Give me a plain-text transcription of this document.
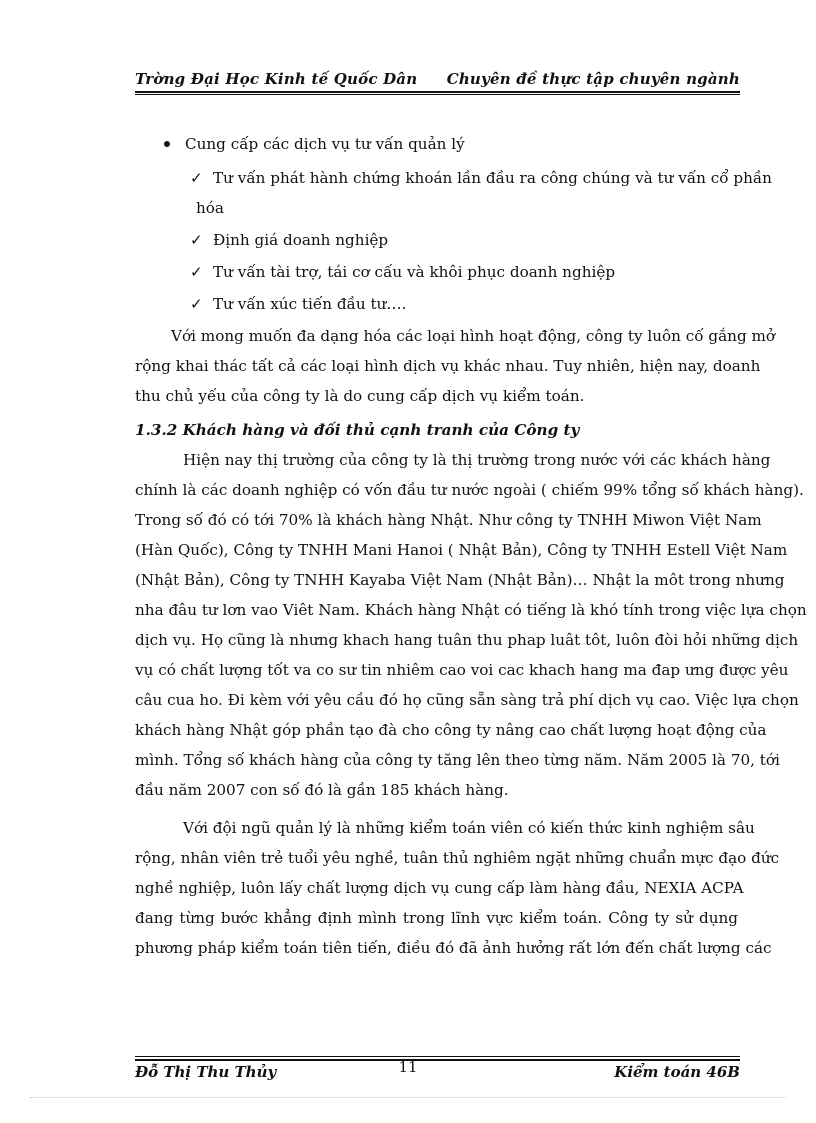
Trờng Đại Học Kinh tế Quốc Dân Chuyên đề thực tập chuyên ngành
Cung cấp các dịch vụ tư vấn quản lý
✓ Tư vấn phát hành chứng khoán lần đầu ra công chúng và tư vấn cổ phần
hóa
✓ Định giá doanh nghiệp
✓ Tư vấn tài trợ, tái cơ cấu và khôi phục doanh nghiệp
✓ Tư vấn xúc tiến đầu tư….
Với mong muốn đa dạng hóa các loại hình hoạt động, công ty luôn cố gắng mở
rộng khai thác tất cả các loại hình dịch vụ khác nhau. Tuy nhiên, hiện nay, doanh
thu chủ yếu của công ty là do cung cấp dịch vụ kiểm toán.
1.3.2 Khách hàng và đối thủ cạnh tranh của Công ty
Hiện nay thị trường của công ty là thị trường trong nước với các khách hàng
chính là các doanh nghiệp có vốn đầu tư nước ngoài ( chiếm 99% tổng số khách hàng).
Trong số đó có tới 70% là khách hàng Nhật. Như công ty TNHH Miwon Việt Nam
(Hàn Quốc), Công ty TNHH Mani Hanoi ( Nhật Bản), Công ty TNHH Estell Việt Nam
(Nhật Bản), Công ty TNHH Kayaba Việt Nam (Nhật Bản)… Nhật la môt trong nhưng
nha đâu tư lơn vao Viêt Nam. Khách hàng Nhật có tiếng là khó tính trong việc lựa chọn
dịch vụ. Họ cũng là nhưng khach hang tuân thu phap luât tôt, luôn đòi hỏi những dịch
vụ có chất lượng tốt va co sư tin nhiêm cao voi cac khach hang ma đap ưng được yêu
câu cua ho. Đi kèm với yêu cầu đó họ cũng sẵn sàng trả phí dịch vụ cao. Việc lựa chọn
khách hàng Nhật góp phần tạo đà cho công ty nâng cao chất lượng hoạt động của
mình. Tổng số khách hàng của công ty tăng lên theo từng năm. Năm 2005 là 70, tới
đầu năm 2007 con số đó là gần 185 khách hàng.
Với đội ngũ quản lý là những kiểm toán viên có kiến thức kinh nghiệm sâu
rộng, nhân viên trẻ tuổi yêu nghề, tuân thủ nghiêm ngặt những chuẩn mực đạo đức
nghề nghiệp, luôn lấy chất lượng dịch vụ cung cấp làm hàng đầu, NEXIA ACPA
đang từng bước khẳng định mình trong lĩnh vực kiểm toán. Công ty sử dụng
phương pháp kiểm toán tiên tiến, điều đó đã ảnh hưởng rất lớn đến chất lượng các
11
Đỗ Thị Thu Thủy	Kiểm toán 46B
